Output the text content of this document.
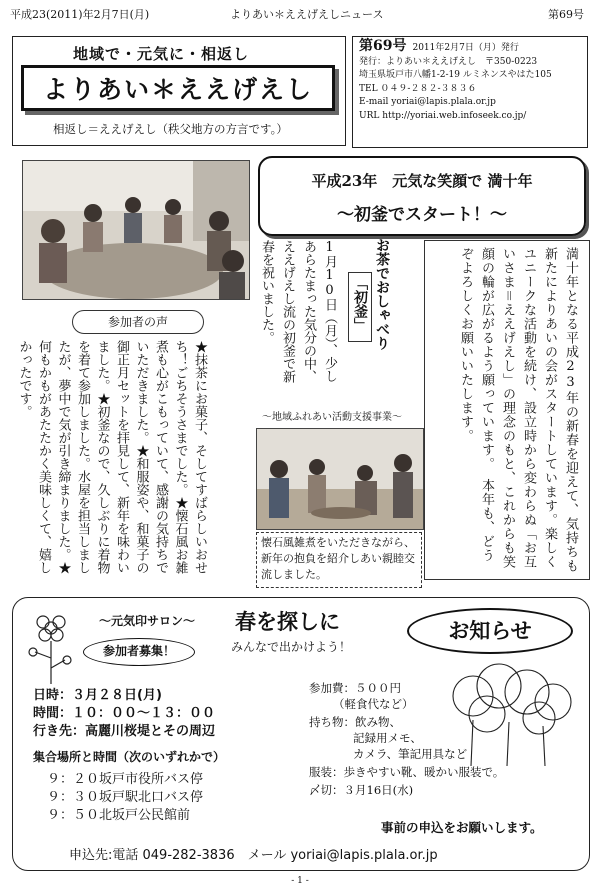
平成23(2011)年2月7日(月)	よりあい＊ええげえしニュース	第69号
地域で・元気に・相返し
よりあい＊ええげえし
相返し＝ええげえし（秩父地方の方言です。）
第69号 2011年2月7日（月）発行
発行：よりあい＊ええげえし　 〒350-0223
埼玉県坂戸市八幡1-2-19 ルミネンスやはた105
TEL ０４９-２８２-３８３６
E-mail yoriai@lapis.plala.or.jp
URL http://yoriai.web.infoseek.co.jp/
平成23年　元気な笑顔で 満十年
～初釜でスタート！～
満十年となる平成23年の新春を迎えて、気持ちも新たによりあいの会がスタートしています。楽しくユニークな活動を続け、設立時から変わらぬ「お互いさま＝ええげえし」の理念のもと、これからも笑顔の輪が広がるよう願っています。　本年も、どうぞよろしくお願いいたします。
お茶でおしゃべり
「初釜」
1月10日（月）、少しあらたまった気分の中、ええげえし流の初釜で新春を祝いました。
～地域ふれあい活動支援事業～
懐石風雑煮をいただきながら、新年の抱負を紹介しあい親睦交流しました。
参加者の声
★抹茶にお菓子、そしてすばらしいおせち！ごちそうさまでした。★懐石風お雑煮も心がこもっていて、感謝の気持ちでいただきました。★和服姿や、和菓子の御正月セットを拝見して、新年を味わいました。★初釜なので、久しぶりに着物を着て参加しました。水屋を担当しましたが、夢中で気が引き締まりました。★何もかもがあたたかく美味しくて、嬉しかったです。
～元気印サロン～ 春を探しに
みんなで出かけよう！
お知らせ
参加者募集！
日時：３月２８日(月)
時間：１０：００～１３：００
行き先：高麗川桜堤とその周辺
集合場所と時間（次のいずれかで）
９：２０坂戸市役所バス停
９：３０坂戸駅北口バス停
９：５０北坂戸公民館前
参加費：５００円
（軽食代など）
持ち物：飲み物、
記録用メモ、
カメラ、筆記用具など
服装：歩きやすい靴、暖かい服装で。
〆切：３月16日(水)
事前の申込をお願いします。
申込先:電話 049-282-3836　メール yoriai@lapis.plala.or.jp
- 1 -
